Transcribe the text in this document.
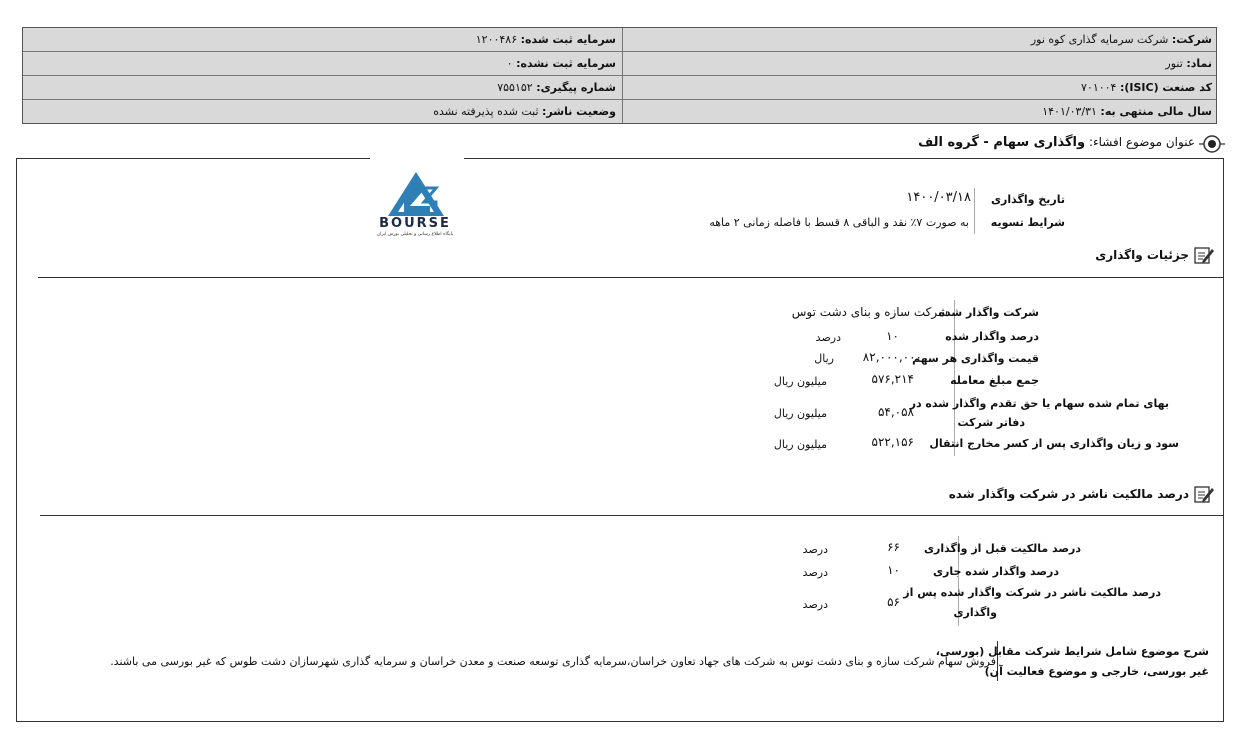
شرکت: شرکت سرمایه گذاری کوه نور
سرمایه ثبت شده: ۱۲۰۰۴۸۶
نماد: تنور
سرمایه ثبت نشده: ۰
کد صنعت (ISIC): ۷۰۱۰۰۴
شماره پیگیری: ۷۵۵۱۵۲
سال مالی منتهی به: ۱۴۰۱/۰۳/۳۱
وضعیت ناشر: ثبت شده پذیرفته نشده
عنوان موضوع افشاء: واگذاری سهام - گروه الف
BOURSE
پایگاه اطلاع رسانی و تحلیلی بورس ایران
تاریخ واگذاری
۱۴۰۰/۰۳/۱۸
شرایط تسویه
به صورت ۷٪ نقد و الباقی ۸ قسط با فاصله زمانی ۲ ماهه
جزئیات واگذاری
شرکت واگذار شده
شرکت سازه و بنای دشت توس
درصد واگذار شده
۱۰
درصد
قیمت واگذاری هر سهم
۸۲,۰۰۰,۰۰۰
ریال
جمع مبلغ معامله
۵۷۶,۲۱۴
میلیون ریال
بهای تمام شده سهام یا حق تقدم واگذار شده در
دفاتر شرکت
۵۴,۰۵۸
میلیون ریال
سود و زیان واگذاری پس از کسر مخارج انتقال
۵۲۲,۱۵۶
میلیون ریال
درصد مالکیت ناشر در شرکت واگذار شده
درصد مالکیت قبل از واگذاری
۶۶
درصد
درصد واگذار شده جاری
۱۰
درصد
درصد مالکیت ناشر در شرکت واگذار شده پس از
واگذاری
۵۶
درصد
شرح موضوع شامل شرایط شرکت مقابل (بورسی،
غیر بورسی، خارجی و موضوع فعالیت آن)
فروش سهام شرکت سازه و بنای دشت توس به شرکت های جهاد تعاون خراسان،سرمایه گذاری توسعه صنعت و معدن خراسان و سرمایه گذاری شهرسازان دشت طوس که غیر بورسی می باشند.
